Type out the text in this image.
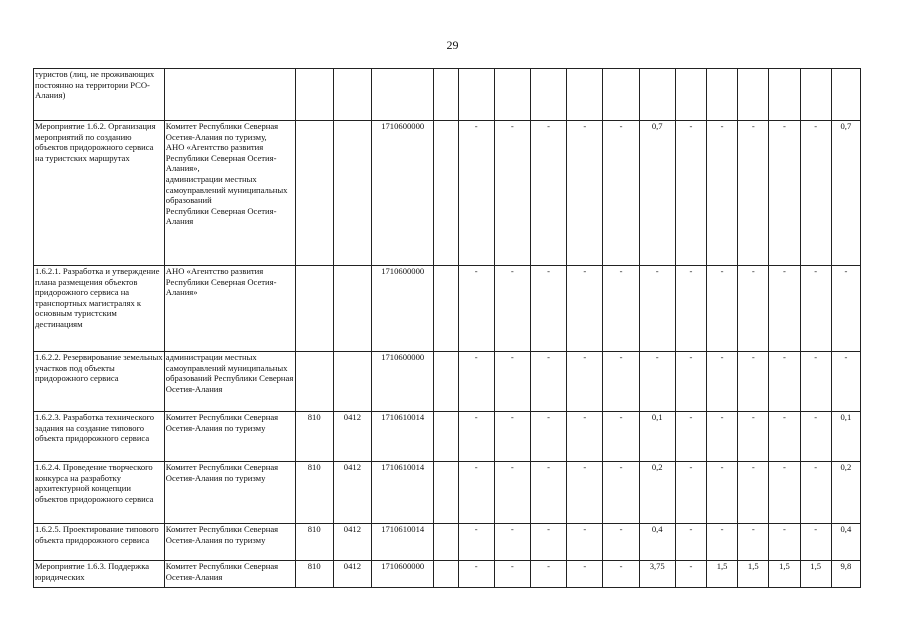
29
туристов (лиц, не проживающих постоянно на территории РСО-Алания)																	
Мероприятие 1.6.2. Организация мероприятий по созданию объектов придорожного сервиса на туристских маршрутах	Комитет Республики Северная Осетия-Алания по туризму,
АНО «Агентство развития Республики Северная Осетия-Алания»,
администрации местных самоуправлений муниципальных образований
Республики Северная Осетия-Алания			1710600000		-	-	-	-	-	0,7	-	-	-	-	-	0,7
1.6.2.1. Разработка и утверждение плана размещения объектов придорожного сервиса на транспортных магистралях к основным туристским дестинациям	АНО «Агентство развития Республики Северная Осетия-Алания»			1710600000		-	-	-	-	-	-	-	-	-	-	-	-
1.6.2.2. Резервирование земельных участков под объекты придорожного сервиса	администрации местных самоуправлений муниципальных образований Республики Северная Осетия-Алания			1710600000		-	-	-	-	-	-	-	-	-	-	-	-
1.6.2.3. Разработка технического задания на создание типового объекта придорожного сервиса	Комитет Республики Северная Осетия-Алания по туризму	810	0412	1710610014		-	-	-	-	-	0,1	-	-	-	-	-	0,1
1.6.2.4. Проведение творческого конкурса на разработку архитектурной концепции объектов придорожного сервиса	Комитет Республики Северная Осетия-Алания по туризму	810	0412	1710610014		-	-	-	-	-	0,2	-	-	-	-	-	0,2
1.6.2.5. Проектирование типового объекта придорожного сервиса	Комитет Республики Северная Осетия-Алания по туризму	810	0412	1710610014		-	-	-	-	-	0,4	-	-	-	-	-	0,4
Мероприятие 1.6.3. Поддержка юридических	Комитет Республики Северная Осетия-Алания	810	0412	1710600000		-	-	-	-	-	3,75	-	1,5	1,5	1,5	1,5	9,8
